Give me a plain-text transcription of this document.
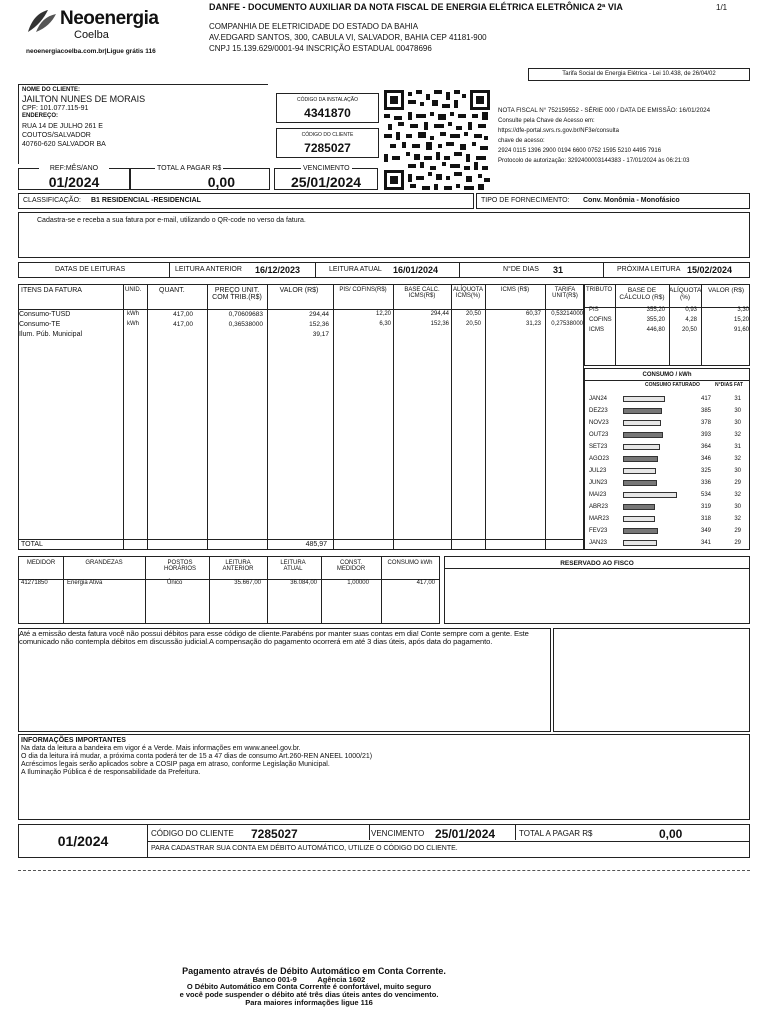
Neoenergia
Coelba
neoenergiacoelba.com.br|Ligue grátis 116
DANFE - DOCUMENTO AUXILIAR DA NOTA FISCAL DE ENERGIA ELÉTRICA ELETRÔNICA 2ª VIA	1/1
COMPANHIA DE ELETRICIDADE DO ESTADO DA BAHIA
AV.EDGARD SANTOS, 300, CABULA VI, SALVADOR, BAHIA CEP 41181-900
CNPJ 15.139.629/0001-94 INSCRIÇÃO ESTADUAL 00478696
Tarifa Social de Energia Elétrica - Lei 10.438, de 26/04/02
NOME DO CLIENTE:
JAILTON NUNES DE MORAIS
CPF: 101.077.115-91
ENDEREÇO:
RUA 14 DE JULHO 261 E
COUTOS/SALVADOR
40760-620 SALVADOR BA
CÓDIGO DA INSTALAÇÃO
4341870
CÓDIGO DO CLIENTE
7285027
NOTA FISCAL N° 752159552 - SÉRIE 000 / DATA DE EMISSÃO: 16/01/2024
Consulte pela Chave de Acesso em:
https://dfe-portal.svrs.rs.gov.br/NF3e/consulta
chave de acesso:
2924 0115 1396 2900 0194 6600 0752 1595 5210 4495 7916
Protocolo de autorização: 3292400003144383 - 17/01/2024 às 06:21:03
REF:MÊS/ANO
01/2024
TOTAL A PAGAR R$
0,00
VENCIMENTO
25/01/2024
CLASSIFICAÇÃO: B1 RESIDENCIAL -RESIDENCIAL	TIPO DE FORNECIMENTO: Conv. Monômia - Monofásico
Cadastra-se e receba a sua fatura por e-mail, utilizando o QR-code no verso da fatura.
DATAS DE LEITURAS	LEITURA ANTERIOR 16/12/2023	LEITURA ATUAL 16/01/2024	N°DE DIAS 31	PRÓXIMA LEITURA 15/02/2024
ITENS DA FATURA	UNID.	QUANT.	PREÇO UNIT. COM TRIB.(R$)
VALOR (R$)	PIS/ COFINS(R$)	BASE CALC. ICMS(R$)
ALÍQUOTA ICMS(%)
ICMS (R$)	TARIFA UNIT(R$)
Consumo-TUSD	kWh	417,00	0,70609683	294,44	12,20	294,44	20,50	60,37 0,53214000
Consumo-TE	kWh	417,00	0,36538000	152,36	6,30	152,36	20,50	31,23 0,27538000
Ilum. Púb. Municipal	39,17
TOTAL	485,97
TRIBUTO	BASE DE CÁLCULO (R$)
ALÍQUOTA (%)
VALOR (R$)
PIS	355,20	0,93	3,30
COFINS	355,20	4,28	15,20
ICMS	446,80	20,50	91,60
CONSUMO / kWh
CONSUMO FATURADO	N°DIAS FAT
JAN24	417	31
DEZ23	385	30
NOV23	378	30
OUT23	393	32
SET23	364	31
AGO23	346	32
JUL23	325	30
JUN23	336	29
MAI23	534	32
ABR23	319	30
MAR23	318	32
FEV23	349	29
JAN23	341	29
MEDIDOR	GRANDEZAS	POSTOS HORÁRIOS
LEITURA ANTERIOR
LEITURA ATUAL
CONST. MEDIDOR
CONSUMO kWh
41271850	Energia Ativa	Único	35.667,00	36.084,00	1,00000	417,00
RESERVADO AO FISCO
Até a emissão desta fatura você não possui débitos para esse código de cliente.Parabéns por manter suas contas em dia! Conte sempre com a gente. Este comunicado não contempla débitos em discussão judicial.A compensação do pagamento ocorrerá em até 3 dias úteis, após data do pagamento.
INFORMAÇÕES IMPORTANTES
Na data da leitura a bandeira em vigor é a Verde. Mais informações em www.aneel.gov.br.
O dia da leitura irá mudar, a próxima conta poderá ter de 15 a 47 dias de consumo Art.260-REN ANEEL 1000/21)
Acréscimos legais serão aplicados sobre a COSIP paga em atraso, conforme Legislação Municipal.
A Iluminação Pública é de responsabilidade da Prefeitura.
01/2024	CÓDIGO DO CLIENTE 7285027	VENCIMENTO 25/01/2024	TOTAL A PAGAR R$	0,00
PARA CADASTRAR SUA CONTA EM DÉBITO AUTOMÁTICO, UTILIZE O CÓDIGO DO CLIENTE.
Pagamento através de Débito Automático em Conta Corrente.
Banco 001-9          Agência 1602
O Débito Automático em Conta Corrente é confortável, muito seguro
e você pode suspender o débito até três dias úteis antes do vencimento.
Para maiores informações ligue 116
